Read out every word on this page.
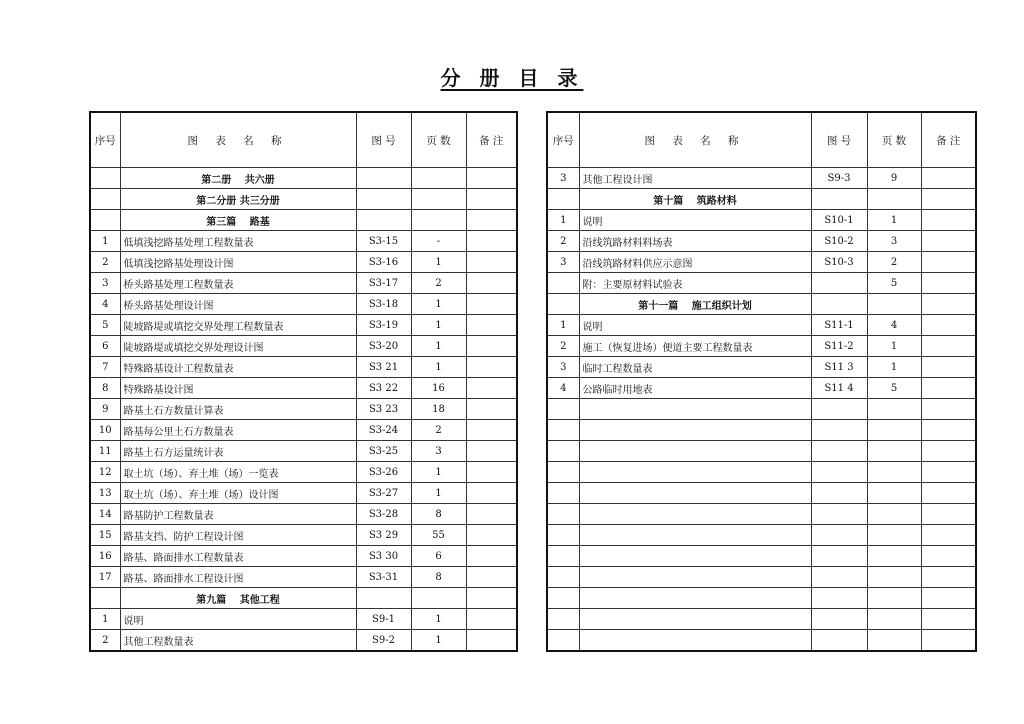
分 册 目 录
序号	图 表 名 称	图 号	页 数	备 注
	第二册　 共六册			
	第二分册 共三分册			
	第三篇　 路基			
1	低填浅挖路基处理工程数量表	S3-15	-	
2	低填浅挖路基处理设计图	S3-16	1	
3	桥头路基处理工程数量表	S3-17	2	
4	桥头路基处理设计图	S3-18	1	
5	陡坡路堤或填挖交界处理工程数量表	S3-19	1	
6	陡坡路堤或填挖交界处理设计图	S3-20	1	
7	特殊路基设计工程数量表	S3 21	1	
8	特殊路基设计图	S3 22	16	
9	路基土石方数量计算表	S3 23	18	
10	路基每公里土石方数量表	S3-24	2	
11	路基土石方运量统计表	S3-25	3	
12	取土坑（场）、弃土堆（场）一览表	S3-26	1	
13	取土坑（场）、弃土堆（场）设计图	S3-27	1	
14	路基防护工程数量表	S3-28	8	
15	路基支挡、防护工程设计图	S3 29	55	
16	路基、路面排水工程数量表	S3 30	6	
17	路基、路面排水工程设计图	S3-31	8	
	第九篇　 其他工程			
1	说明	S9-1	1	
2	其他工程数量表	S9-2	1	
序号	图 表 名 称	图 号	页 数	备 注
3	其他工程设计图	S9-3	9	
	第十篇　 筑路材料			
1	说明	S10-1	1	
2	沿线筑路材料料场表	S10-2	3	
3	沿线筑路材料供应示意图	S10-3	2	
	附：主要原材料试验表		5	
	第十一篇　 施工组织计划			
1	说明	S11-1	4	
2	施工（恢复进场）便道主要工程数量表	S11-2	1	
3	临时工程数量表	S11 3	1	
4	公路临时用地表	S11 4	5	
